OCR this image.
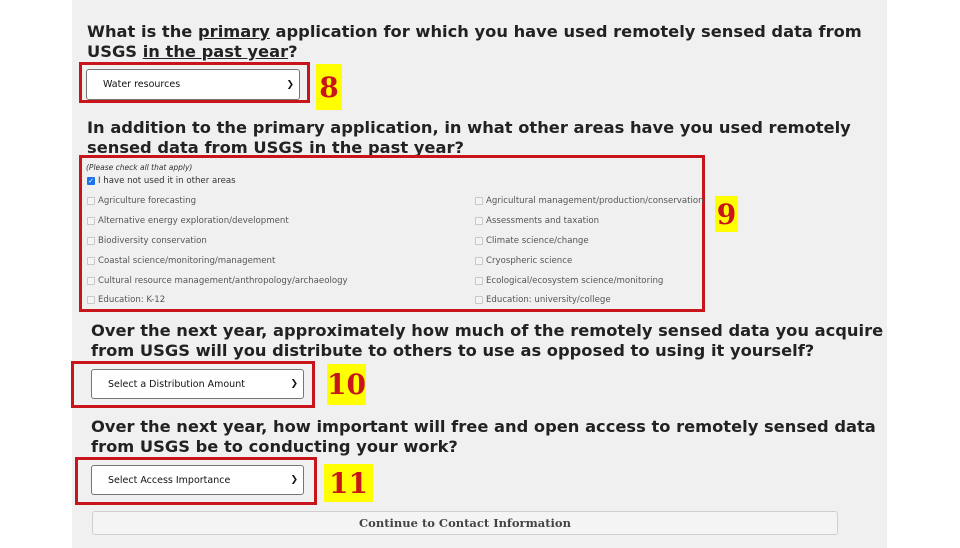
What is the primary application for which you have used remotely sensed data from USGS in the past year?

Water resources	❯ 8

In addition to the primary application, in what other areas have you used remotely sensed data from USGS in the past year?

(Please check all that apply)
✓ I have not used it in other areas
Agriculture forecasting
Alternative energy exploration/development
Biodiversity conservation
Coastal science/monitoring/management
Cultural resource management/anthropology/archaeology
Education: K-12
Agricultural management/production/conservation
Assessments and taxation
Climate science/change
Cryospheric science
Ecological/ecosystem science/monitoring
Education: university/college
9

Over the next year, approximately how much of the remotely sensed data you acquire from USGS will you distribute to others to use as opposed to using it yourself?

Select a Distribution Amount	❯ 10

Over the next year, how important will free and open access to remotely sensed data from USGS be to conducting your work?

Select Access Importance	❯ 11
Continue to Contact Information
